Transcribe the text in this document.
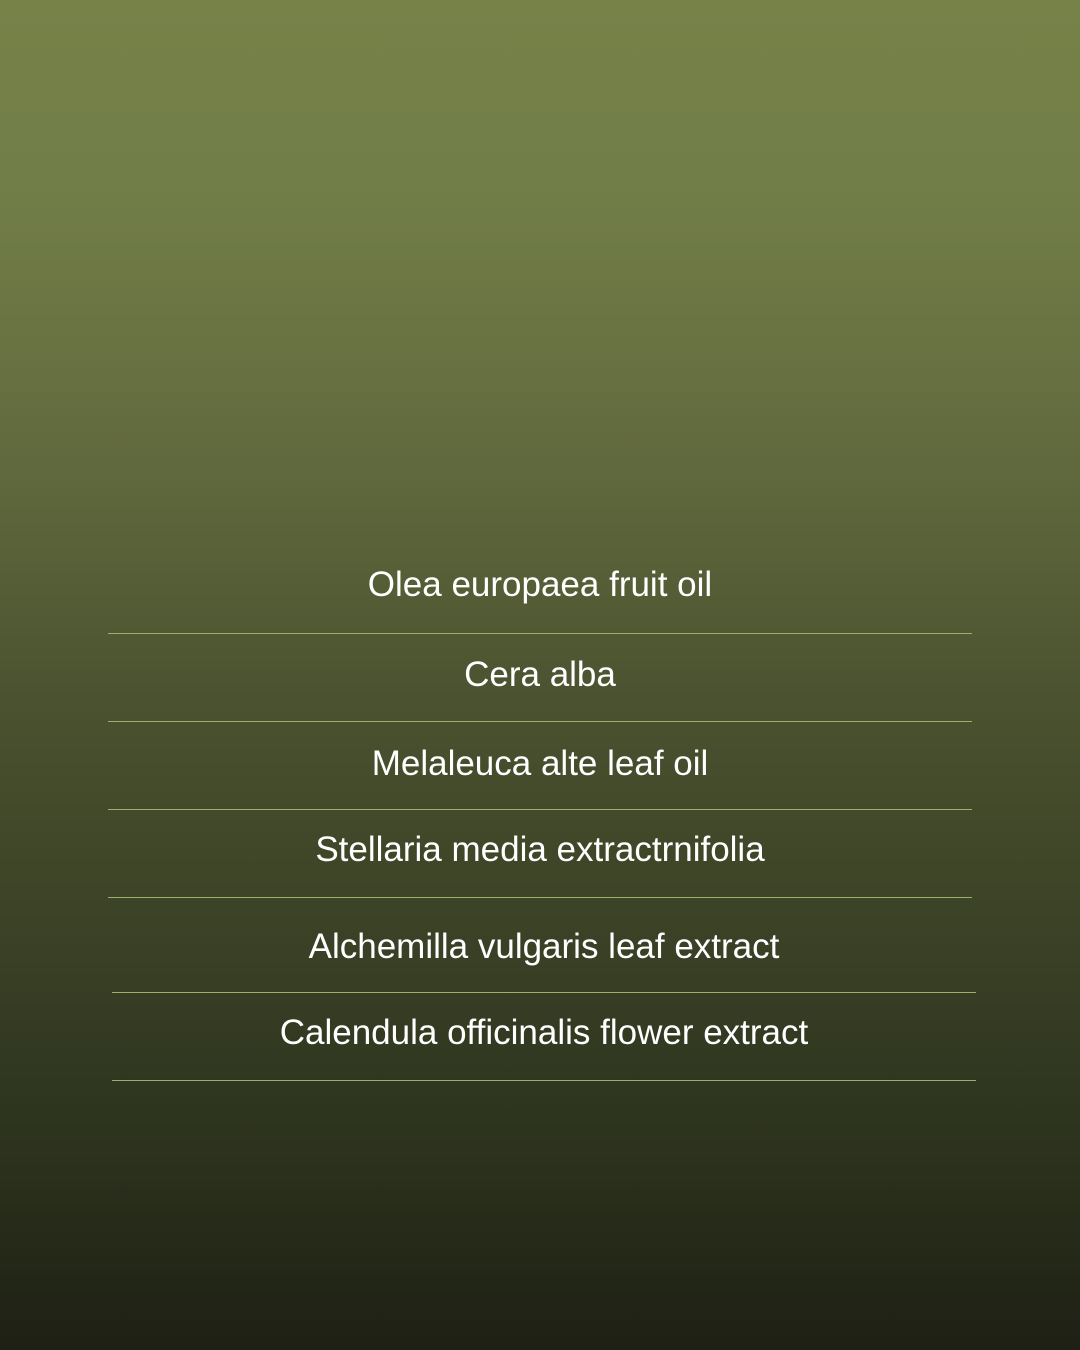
Olea europaea fruit oil
Cera alba
Melaleuca alte leaf oil
Stellaria media extractrnifolia
Alchemilla vulgaris leaf extract
Calendula officinalis flower extract
